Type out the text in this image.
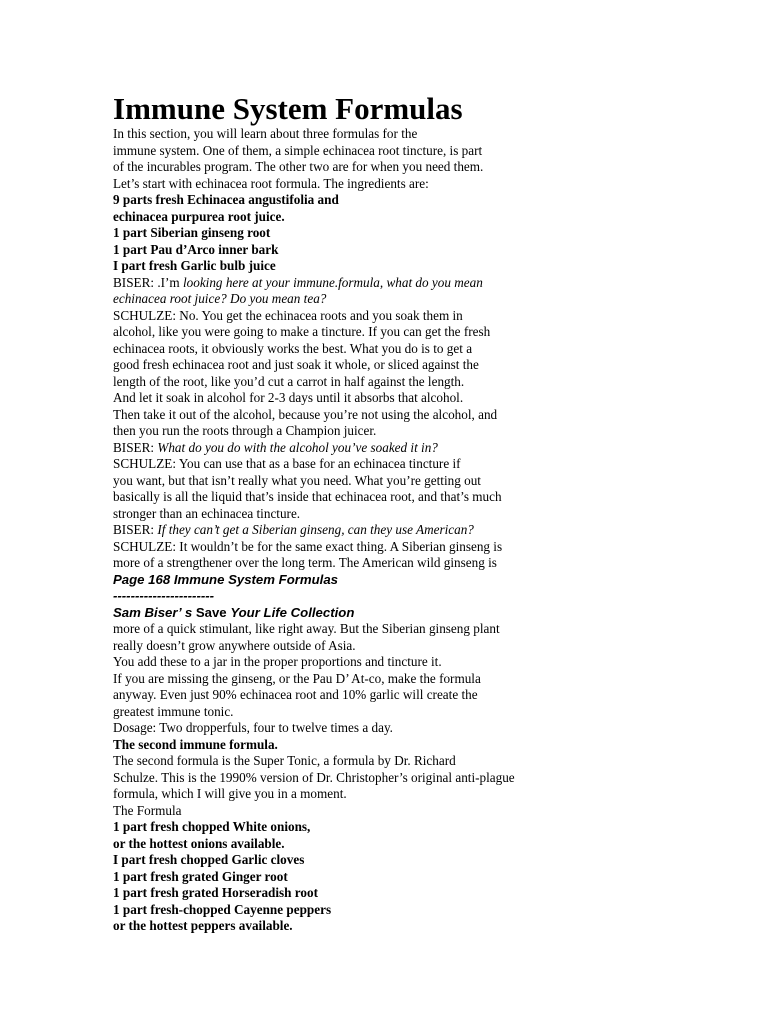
Immune System Formulas
In this section, you will learn about three formulas for the
immune system. One of them, a simple echinacea root tincture, is part
of the incurables program. The other two are for when you need them.
Let’s start with echinacea root formula. The ingredients are:
9 parts fresh Echinacea angustifolia and
echinacea purpurea root juice.
1 part Siberian ginseng root
1 part Pau d’Arco inner bark
I part fresh Garlic bulb juice
BISER: .I’m looking here at your immune.formula, what do you mean
echinacea root juice? Do you mean tea?
SCHULZE: No. You get the echinacea roots and you soak them in
alcohol, like you were going to make a tincture. If you can get the fresh
echinacea roots, it obviously works the best. What you do is to get a
good fresh echinacea root and just soak it whole, or sliced against the
length of the root, like you’d cut a carrot in half against the length.
And let it soak in alcohol for 2-3 days until it absorbs that alcohol.
Then take it out of the alcohol, because you’re not using the alcohol, and
then you run the roots through a Champion juicer.
BISER: What do you do with the alcohol you’ve soaked it in?
SCHULZE: You can use that as a base for an echinacea tincture if
you want, but that isn’t really what you need. What you’re getting out
basically is all the liquid that’s inside that echinacea root, and that’s much
stronger than an echinacea tincture.
BISER: If they can’t get a Siberian ginseng, can they use American?
SCHULZE: It wouldn’t be for the same exact thing. A Siberian ginseng is
more of a strengthener over the long term. The American wild ginseng is
Page 168 Immune System Formulas
-----------------------
Sam Biser’ s Save Your Life Collection
more of a quick stimulant, like right away. But the Siberian ginseng plant
really doesn’t grow anywhere outside of Asia.
You add these to a jar in the proper proportions and tincture it.
If you are missing the ginseng, or the Pau D’ At-co, make the formula
anyway. Even just 90% echinacea root and 10% garlic will create the
greatest immune tonic.
Dosage: Two dropperfuls, four to twelve times a day.
The second immune formula.
The second formula is the Super Tonic, a formula by Dr. Richard
Schulze. This is the 1990% version of Dr. Christopher’s original anti-plague
formula, which I will give you in a moment.
The Formula
1 part fresh chopped White onions,
or the hottest onions available.
I part fresh chopped Garlic cloves
1 part fresh grated Ginger root
1 part fresh grated Horseradish root
1 part fresh-chopped Cayenne peppers
or the hottest peppers available.
